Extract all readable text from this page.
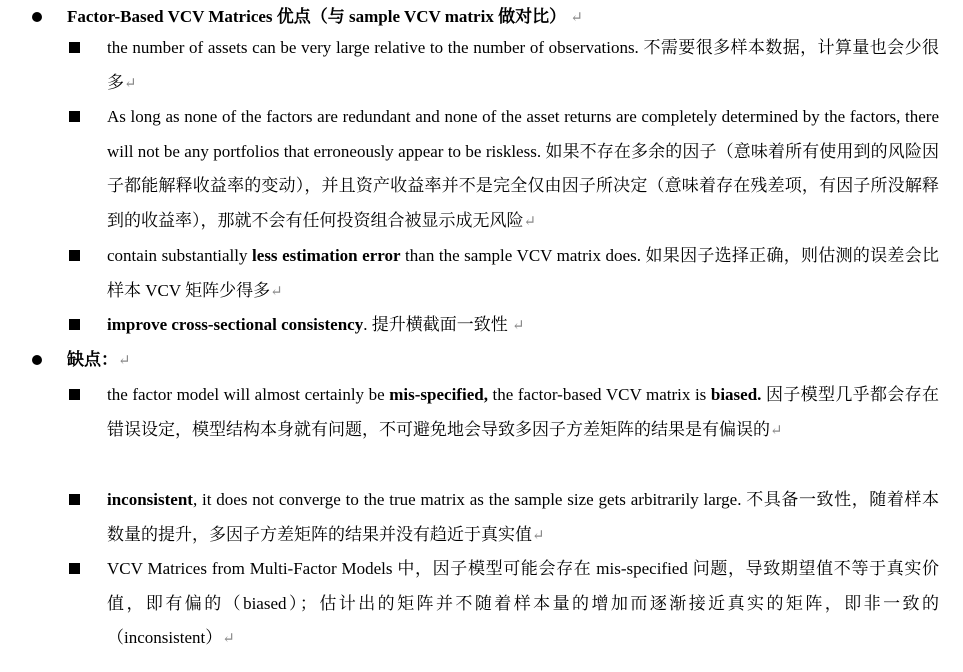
Factor-Based VCV Matrices 优点（与 sample VCV matrix 做对比） ↵
the number of assets can be very large relative to the number of observations. 不需要很多样本数据，计算量也会少很多↵
As long as none of the factors are redundant and none of the asset returns are completely determined by the factors, there will not be any portfolios that erroneously appear to be riskless. 如果不存在多余的因子（意味着所有使用到的风险因子都能解释收益率的变动），并且资产收益率并不是完全仅由因子所决定（意味着存在残差项，有因子所没解释到的收益率），那就不会有任何投资组合被显示成无风险↵
contain substantially less estimation error than the sample VCV matrix does. 如果因子选择正确，则估测的误差会比样本 VCV 矩阵少得多↵
improve cross-sectional consistency. 提升横截面一致性 ↵
缺点：↵
the factor model will almost certainly be mis-specified, the factor-based VCV matrix is biased. 因子模型几乎都会存在错误设定，模型结构本身就有问题，不可避免地会导致多因子方差矩阵的结果是有偏误的↵
inconsistent, it does not converge to the true matrix as the sample size gets arbitrarily large. 不具备一致性，随着样本数量的提升，多因子方差矩阵的结果并没有趋近于真实值↵
VCV Matrices from Multi-Factor Models 中，因子模型可能会存在 mis-specified 问题，导致期望值不等于真实价值，即有偏的（biased）；估计出的矩阵并不随着样本量的增加而逐渐接近真实的矩阵，即非一致的（inconsistent）↵
